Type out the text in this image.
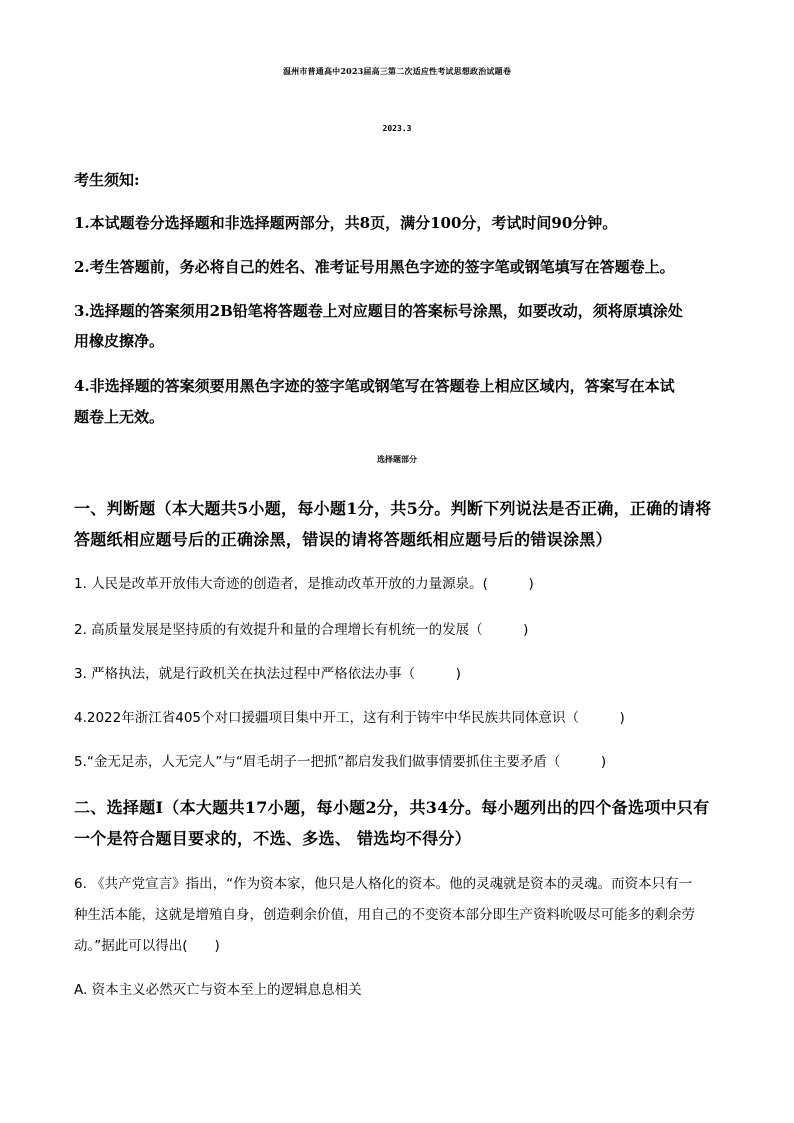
温州市普通高中2023届高三第二次适应性考试思想政治试题卷

2023.3

考生须知:

1.本试题卷分选择题和非选择题两部分，共8页，满分100分，考试时间90分钟。

2.考生答题前，务必将自己的姓名、准考证号用黑色字迹的签字笔或钢笔填写在答题卷上。

3.选择题的答案须用2B铅笔将答题卷上对应题目的答案标号涂黑，如要改动，须将原填涂处

用橡皮擦净。

4.非选择题的答案须要用黑色字迹的签字笔或钢笔写在答题卷上相应区域内，答案写在本试

题卷上无效。

选择题部分

一、判断题（本大题共5小题，每小题1分，共5分。判断下列说法是否正确，正确的请将

答题纸相应题号后的正确涂黑，错误的请将答题纸相应题号后的错误涂黑）

1. 人民是改革开放伟大奇迹的创造者，是推动改革开放的力量源泉。(　　　)

2. 高质量发展是坚持质的有效提升和量的合理增长有机统一的发展（　　　)

3. 严格执法，就是行政机关在执法过程中严格依法办事（　　　)

4.2022年浙江省405个对口援疆项目集中开工，这有利于铸牢中华民族共同体意识（　　　)

5.“金无足赤，人无完人”与“眉毛胡子一把抓”都启发我们做事情要抓住主要矛盾（　　　)

二、选择题Ⅰ（本大题共17小题，每小题2分，共34分。每小题列出的四个备选项中只有

一个是符合题目要求的，不选、多选、 错选均不得分）

6. 《共产党宣言》指出，“作为资本家，他只是人格化的资本。他的灵魂就是资本的灵魂。而资本只有一

种生活本能，这就是增殖自身，创造剩余价值，用自己的不变资本部分即生产资料吮吸尽可能多的剩余劳

动。”据此可以得出(　　)

A. 资本主义必然灭亡与资本至上的逻辑息息相关
